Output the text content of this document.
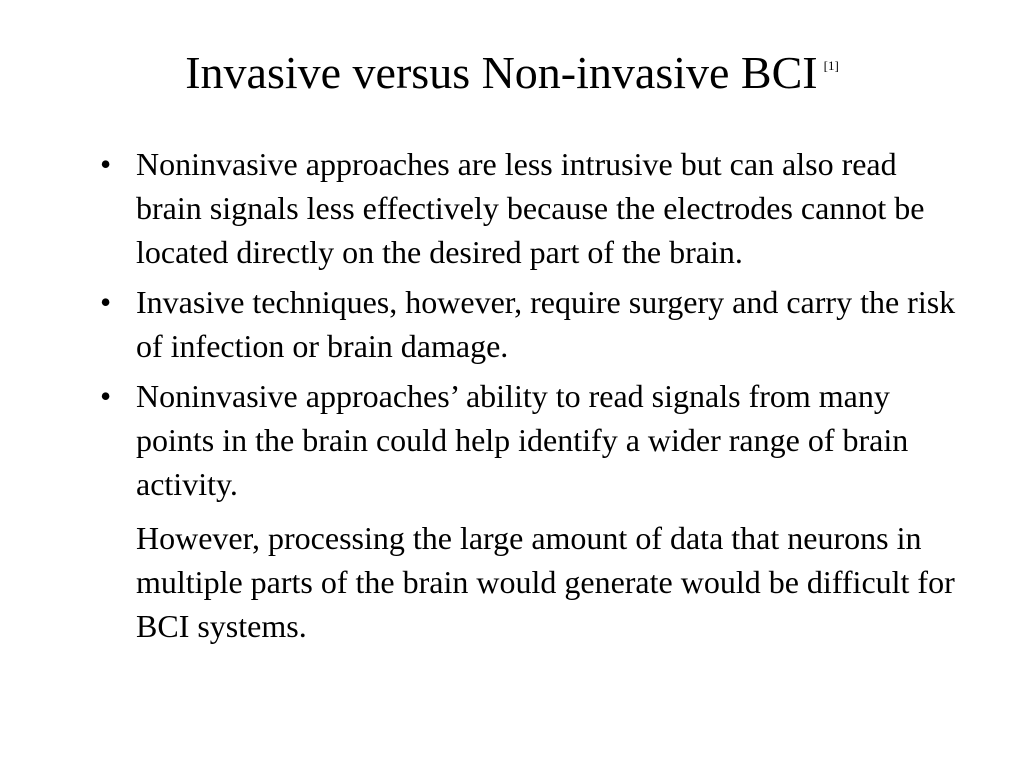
Invasive versus Non-invasive BCI [1]
• Noninvasive approaches are less intrusive but can also read brain signals less effectively because the electrodes cannot be located directly on the desired part of the brain.
• Invasive techniques, however, require surgery and carry the risk of infection or brain damage.
• Noninvasive approaches’ ability to read signals from many points in the brain could help identify a wider range of brain activity.
However, processing the large amount of data that neurons in multiple parts of the brain would generate would be difficult for BCI systems.
